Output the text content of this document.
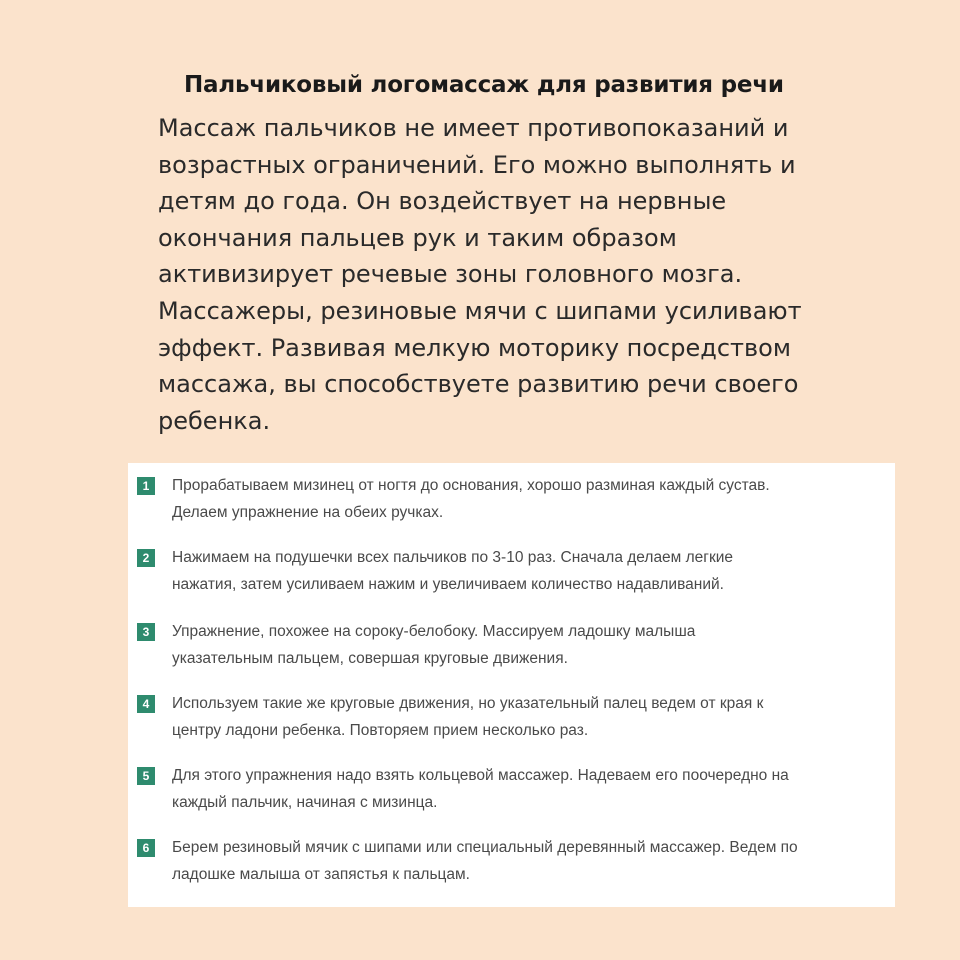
Пальчиковый логомассаж для развития речи
Массаж пальчиков не имеет противопоказаний и
возрастных ограничений. Его можно выполнять и
детям до года. Он воздействует на нервные
окончания пальцев рук и таким образом
активизирует речевые зоны головного мозга.
Массажеры, резиновые мячи с шипами усиливают
эффект. Развивая мелкую моторику посредством
массажа, вы способствуете развитию речи своего
ребенка.
1	Прорабатываем мизинец от ногтя до основания, хорошо разминая каждый сустав.
Делаем упражнение на обеих ручках.
2	Нажимаем на подушечки всех пальчиков по 3-10 раз. Сначала делаем легкие
нажатия, затем усиливаем нажим и увеличиваем количество надавливаний.
3	Упражнение, похожее на сороку-белобоку. Массируем ладошку малыша
указательным пальцем, совершая круговые движения.
4	Используем такие же круговые движения, но указательный палец ведем от края к
центру ладони ребенка. Повторяем прием несколько раз.
5	Для этого упражнения надо взять кольцевой массажер. Надеваем его поочередно на
каждый пальчик, начиная с мизинца.
6	Берем резиновый мячик с шипами или специальный деревянный массажер. Ведем по
ладошке малыша от запястья к пальцам.
